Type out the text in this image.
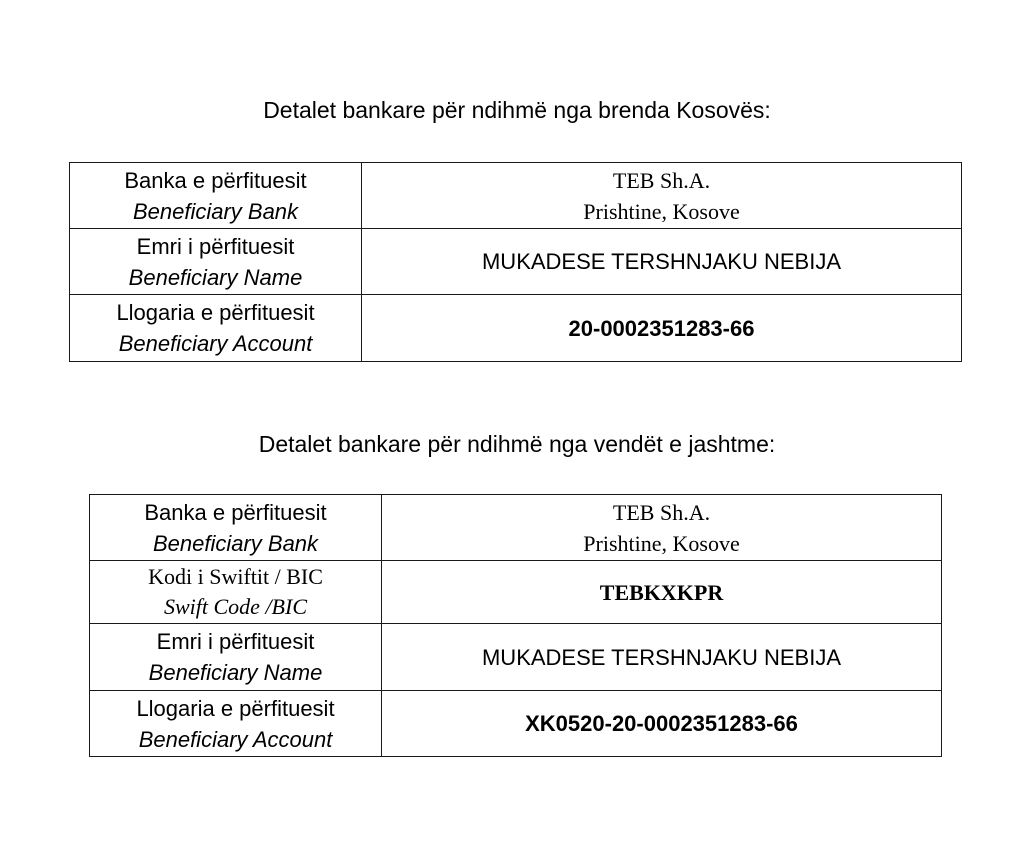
Detalet bankare për ndihmë nga brenda Kosovës:
Banka e përfituesit
Beneficiary Bank	TEB Sh.A.
Prishtine, Kosove

Emri i përfituesit
Beneficiary Name	MUKADESE TERSHNJAKU NEBIJA

Llogaria e përfituesit
Beneficiary Account	20-0002351283-66
Detalet bankare për ndihmë nga vendët e jashtme:
Banka e përfituesit
Beneficiary Bank	TEB Sh.A.
Prishtine, Kosove

Kodi i Swiftit / BIC
Swift Code /BIC	TEBKXKPR

Emri i përfituesit
Beneficiary Name	MUKADESE TERSHNJAKU NEBIJA

Llogaria e përfituesit
Beneficiary Account	XK0520-20-0002351283-66
